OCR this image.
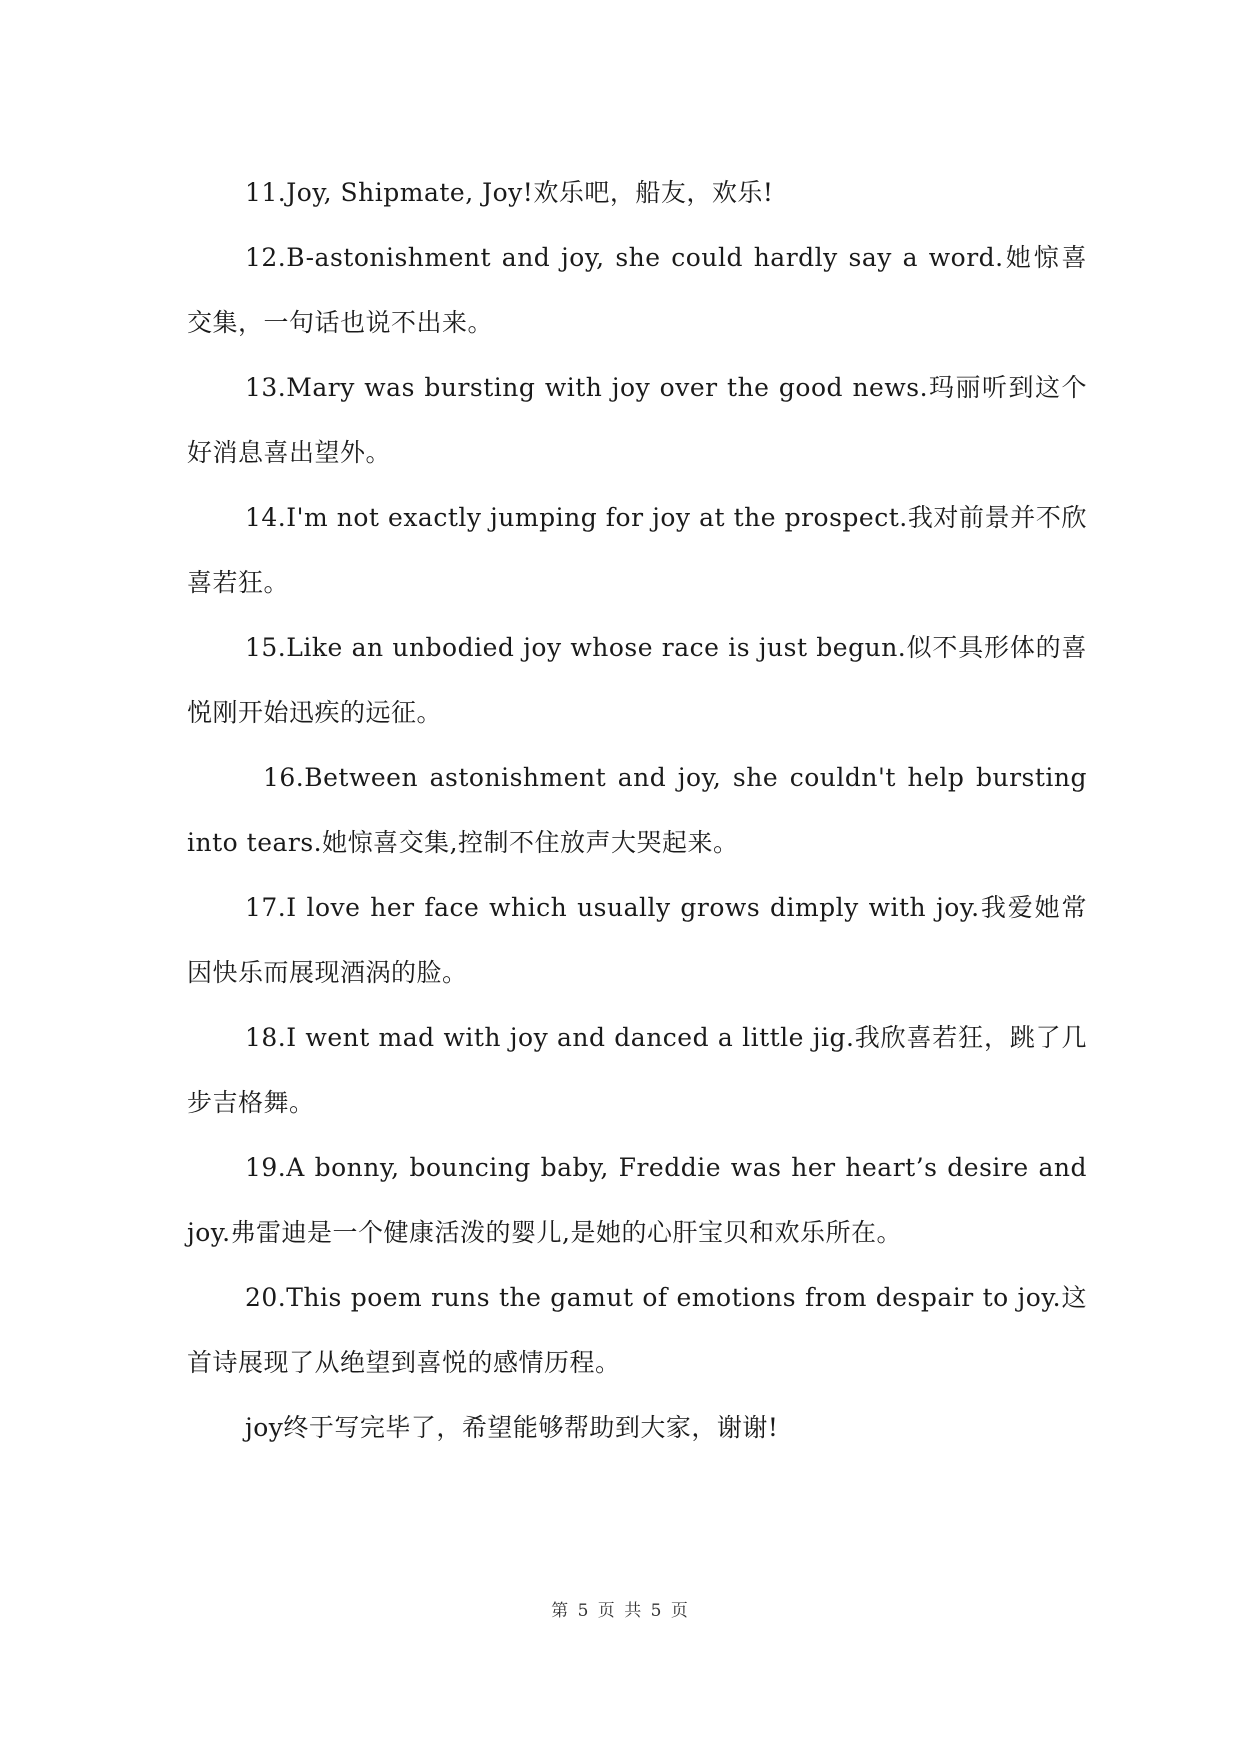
11.Joy, Shipmate, Joy!欢乐吧，船友，欢乐!

12.B-astonishment and joy, she could hardly say a word.她惊喜交集，一句话也说不出来。

13.Mary was bursting with joy over the good news.玛丽听到这个好消息喜出望外。

14.I'm not exactly jumping for joy at the prospect.我对前景并不欣喜若狂。

15.Like an unbodied joy whose race is just begun.似不具形体的喜悦刚开始迅疾的远征。

16.Between astonishment and joy, she couldn't help bursting into tears.她惊喜交集,控制不住放声大哭起来。

17.I love her face which usually grows dimply with joy.我爱她常因快乐而展现酒涡的脸。

18.I went mad with joy and danced a little jig.我欣喜若狂，跳了几步吉格舞。

19.A bonny, bouncing baby, Freddie was her heart’s desire and joy.弗雷迪是一个健康活泼的婴儿,是她的心肝宝贝和欢乐所在。

20.This poem runs the gamut of emotions from despair to joy.这首诗展现了从绝望到喜悦的感情历程。

joy终于写完毕了，希望能够帮助到大家，谢谢!

第 5 页 共 5 页
